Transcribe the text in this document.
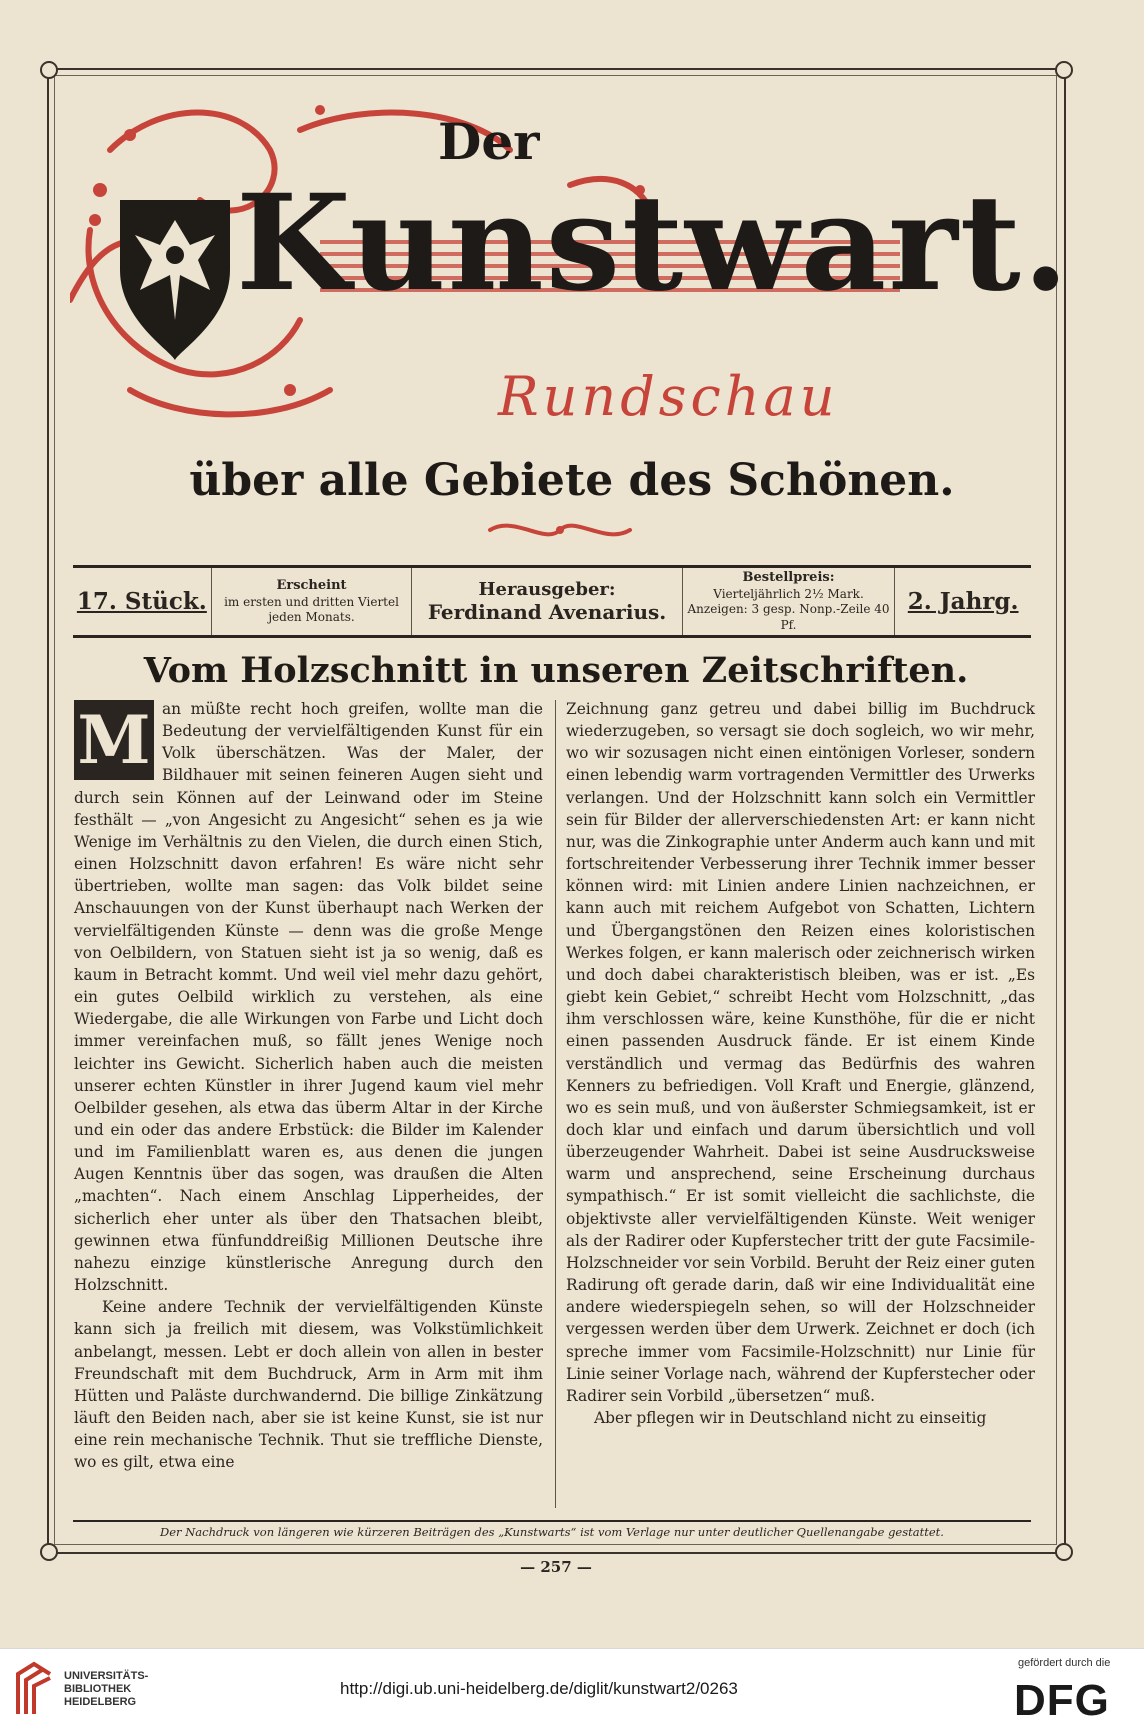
Der
Kunstwart.
Rundschau
über alle Gebiete des Schönen.
17. Stück.
Erscheint
im ersten und dritten Viertel
jeden Monats.
Herausgeber:
Ferdinand Avenarius.
Bestellpreis:
Vierteljährlich 2½ Mark.
Anzeigen: 3 gesp. Nonp.-Zeile 40 Pf.
2. Jahrg.
Vom Holzschnitt in unseren Zeitschriften.

M an müßte recht hoch greifen, wollte man die Bedeutung der vervielfältigenden Kunst für ein Volk überschätzen. Was der Maler, der Bildhauer mit seinen feineren Augen sieht und durch sein Können auf der Leinwand oder im Steine festhält — „von Angesicht zu Angesicht“ sehen es ja wie Wenige im Verhältnis zu den Vielen, die durch einen Stich, einen Holzschnitt davon erfahren! Es wäre nicht sehr übertrieben, wollte man sagen: das Volk bildet seine Anschauungen von der Kunst überhaupt nach Werken der vervielfältigenden Künste — denn was die große Menge von Oelbildern, von Statuen sieht ist ja so wenig, daß es kaum in Betracht kommt. Und weil viel mehr dazu gehört, ein gutes Oelbild wirklich zu verstehen, als eine Wiedergabe, die alle Wirkungen von Farbe und Licht doch immer vereinfachen muß, so fällt jenes Wenige noch leichter ins Gewicht. Sicherlich haben auch die meisten unserer echten Künstler in ihrer Jugend kaum viel mehr Oelbilder gesehen, als etwa das überm Altar in der Kirche und ein oder das andere Erbstück: die Bilder im Kalender und im Familienblatt waren es, aus denen die jungen Augen Kenntnis über das sogen, was draußen die Alten „machten“. Nach einem Anschlag Lipperheides, der sicherlich eher unter als über den Thatsachen bleibt, gewinnen etwa fünfunddreißig Millionen Deutsche ihre nahezu einzige künstlerische Anregung durch den Holzschnitt.

Keine andere Technik der vervielfältigenden Künste kann sich ja freilich mit diesem, was Volkstümlichkeit anbelangt, messen. Lebt er doch allein von allen in bester Freundschaft mit dem Buchdruck, Arm in Arm mit ihm Hütten und Paläste durchwandernd. Die billige Zinkätzung läuft den Beiden nach, aber sie ist keine Kunst, sie ist nur eine rein mechanische Technik. Thut sie treffliche Dienste, wo es gilt, etwa eine

Zeichnung ganz getreu und dabei billig im Buchdruck wiederzugeben, so versagt sie doch sogleich, wo wir mehr, wo wir sozusagen nicht einen eintönigen Vorleser, sondern einen lebendig warm vortragenden Vermittler des Urwerks verlangen. Und der Holzschnitt kann solch ein Vermittler sein für Bilder der allerverschiedensten Art: er kann nicht nur, was die Zinkographie unter Anderm auch kann und mit fortschreitender Verbesserung ihrer Technik immer besser können wird: mit Linien andere Linien nachzeichnen, er kann auch mit reichem Aufgebot von Schatten, Lichtern und Übergangstönen den Reizen eines koloristischen Werkes folgen, er kann malerisch oder zeichnerisch wirken und doch dabei charakteristisch bleiben, was er ist. „Es giebt kein Gebiet,“ schreibt Hecht vom Holzschnitt, „das ihm verschlossen wäre, keine Kunsthöhe, für die er nicht einen passenden Ausdruck fände. Er ist einem Kinde verständlich und vermag das Bedürfnis des wahren Kenners zu befriedigen. Voll Kraft und Energie, glänzend, wo es sein muß, und von äußerster Schmiegsamkeit, ist er doch klar und einfach und darum übersichtlich und voll überzeugender Wahrheit. Dabei ist seine Ausdrucksweise warm und ansprechend, seine Erscheinung durchaus sympathisch.“ Er ist somit vielleicht die sachlichste, die objektivste aller vervielfältigenden Künste. Weit weniger als der Radirer oder Kupferstecher tritt der gute Facsimile-Holzschneider vor sein Vorbild. Beruht der Reiz einer guten Radirung oft gerade darin, daß wir eine Individualität eine andere wiederspiegeln sehen, so will der Holzschneider vergessen werden über dem Urwerk. Zeichnet er doch (ich spreche immer vom Facsimile-Holzschnitt) nur Linie für Linie seiner Vorlage nach, während der Kupferstecher oder Radirer sein Vorbild „übersetzen“ muß.

Aber pflegen wir in Deutschland nicht zu einseitig

Der Nachdruck von längeren wie kürzeren Beiträgen des „Kunstwarts“ ist vom Verlage nur unter deutlicher Quellenangabe gestattet.
— 257 —
UNIVERSITÄTS-
BIBLIOTHEK
HEIDELBERG
http://digi.ub.uni-heidelberg.de/diglit/kunstwart2/0263
gefördert durch die
DFG
